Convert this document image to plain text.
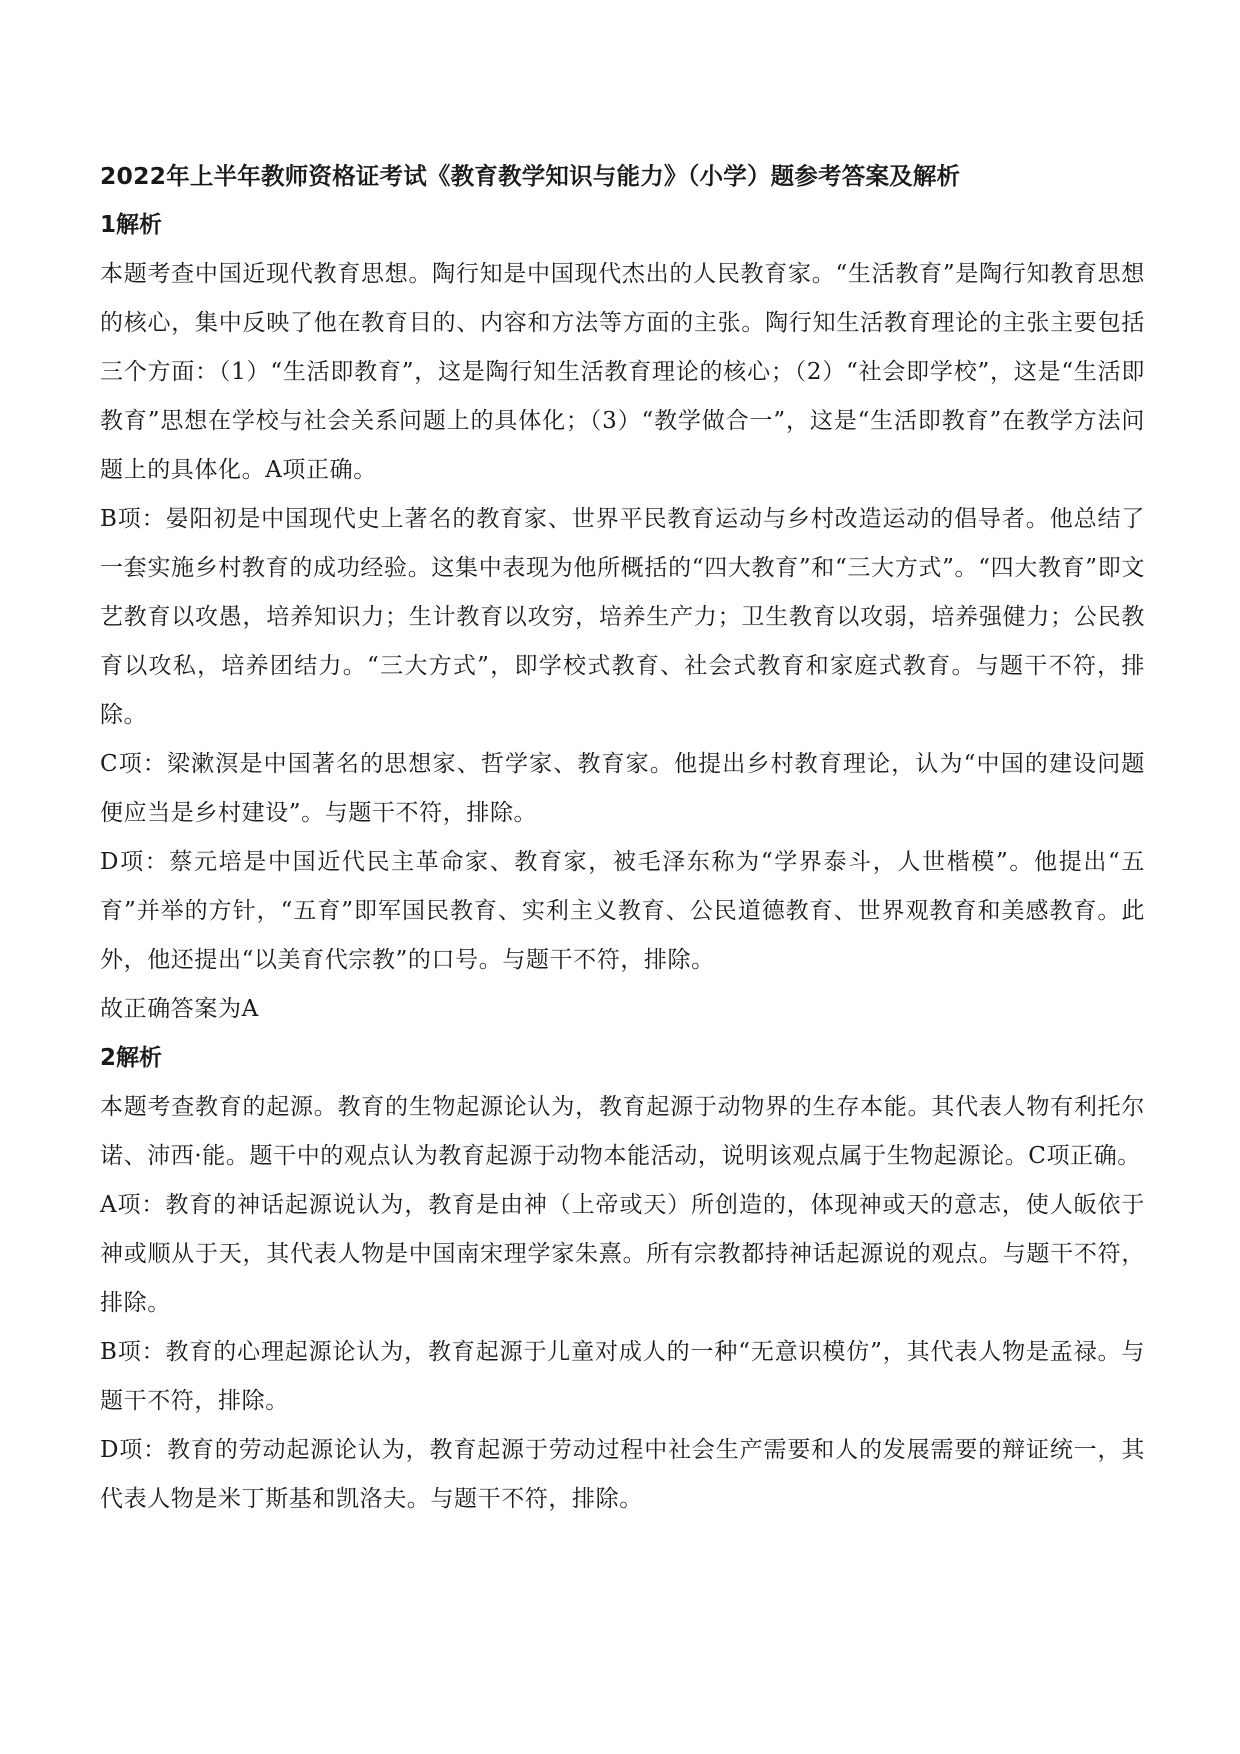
2022年上半年教师资格证考试《教育教学知识与能力》（小学）题参考答案及解析
1解析

本题考查中国近现代教育思想。陶行知是中国现代杰出的人民教育家。“生活教育”是陶行知教育思想的核心，集中反映了他在教育目的、内容和方法等方面的主张。陶行知生活教育理论的主张主要包括三个方面：（1）“生活即教育”，这是陶行知生活教育理论的核心；（2）“社会即学校”，这是“生活即教育”思想在学校与社会关系问题上的具体化；（3）“教学做合一”，这是“生活即教育”在教学方法问题上的具体化。A项正确。

B项：晏阳初是中国现代史上著名的教育家、世界平民教育运动与乡村改造运动的倡导者。他总结了一套实施乡村教育的成功经验。这集中表现为他所概括的“四大教育”和“三大方式”。“四大教育”即文艺教育以攻愚，培养知识力；生计教育以攻穷，培养生产力；卫生教育以攻弱，培养强健力；公民教育以攻私，培养团结力。“三大方式”，即学校式教育、社会式教育和家庭式教育。与题干不符，排除。

C项：梁漱溟是中国著名的思想家、哲学家、教育家。他提出乡村教育理论，认为“中国的建设问题便应当是乡村建设”。与题干不符，排除。

D项：蔡元培是中国近代民主革命家、教育家，被毛泽东称为“学界泰斗，人世楷模”。他提出“五育”并举的方针，“五育”即军国民教育、实利主义教育、公民道德教育、世界观教育和美感教育。此外，他还提出“以美育代宗教”的口号。与题干不符，排除。

故正确答案为A

2解析

本题考查教育的起源。教育的生物起源论认为，教育起源于动物界的生存本能。其代表人物有利托尔诺、沛西·能。题干中的观点认为教育起源于动物本能活动，说明该观点属于生物起源论。C项正确。

A项：教育的神话起源说认为，教育是由神（上帝或天）所创造的，体现神或天的意志，使人皈依于神或顺从于天，其代表人物是中国南宋理学家朱熹。所有宗教都持神话起源说的观点。与题干不符，排除。

B项：教育的心理起源论认为，教育起源于儿童对成人的一种“无意识模仿”，其代表人物是孟禄。与题干不符，排除。

D项：教育的劳动起源论认为，教育起源于劳动过程中社会生产需要和人的发展需要的辩证统一，其代表人物是米丁斯基和凯洛夫。与题干不符，排除。
